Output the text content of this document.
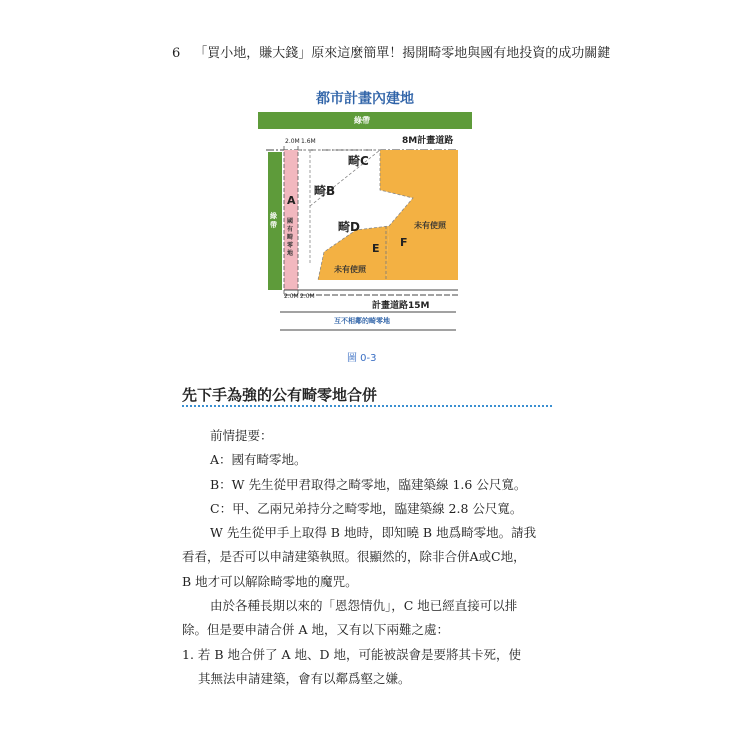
6 「買小地，賺大錢」原來這麼簡單！揭開畸零地與國有地投資的成功關鍵
都市計畫內建地
綠帶
2.0M 1.6M	8M計畫道路
畸C
畸B
A
綠帶	國有畸零地
畸D	未有使照
F
E
未有使照
2.0M 2.0M
計畫道路15M
互不相鄰的畸零地
圖 0-3
先下手為強的公有畸零地合併

前情提要：

A：國有畸零地。

B：W 先生從甲君取得之畸零地，臨建築線 1.6 公尺寬。

C：甲、乙兩兄弟持分之畸零地，臨建築線 2.8 公尺寬。

W 先生從甲手上取得 B 地時，即知曉 B 地爲畸零地。請我

看看，是否可以申請建築執照。很顯然的，除非合併A或C地，

B 地才可以解除畸零地的魔咒。

由於各種長期以來的「恩怨情仇」，C 地已經直接可以排

除。但是要申請合併 A 地，又有以下兩難之處：

1. 若 B 地合併了 A 地、D 地，可能被誤會是要將其卡死，使

其無法申請建築，會有以鄰爲壑之嫌。
